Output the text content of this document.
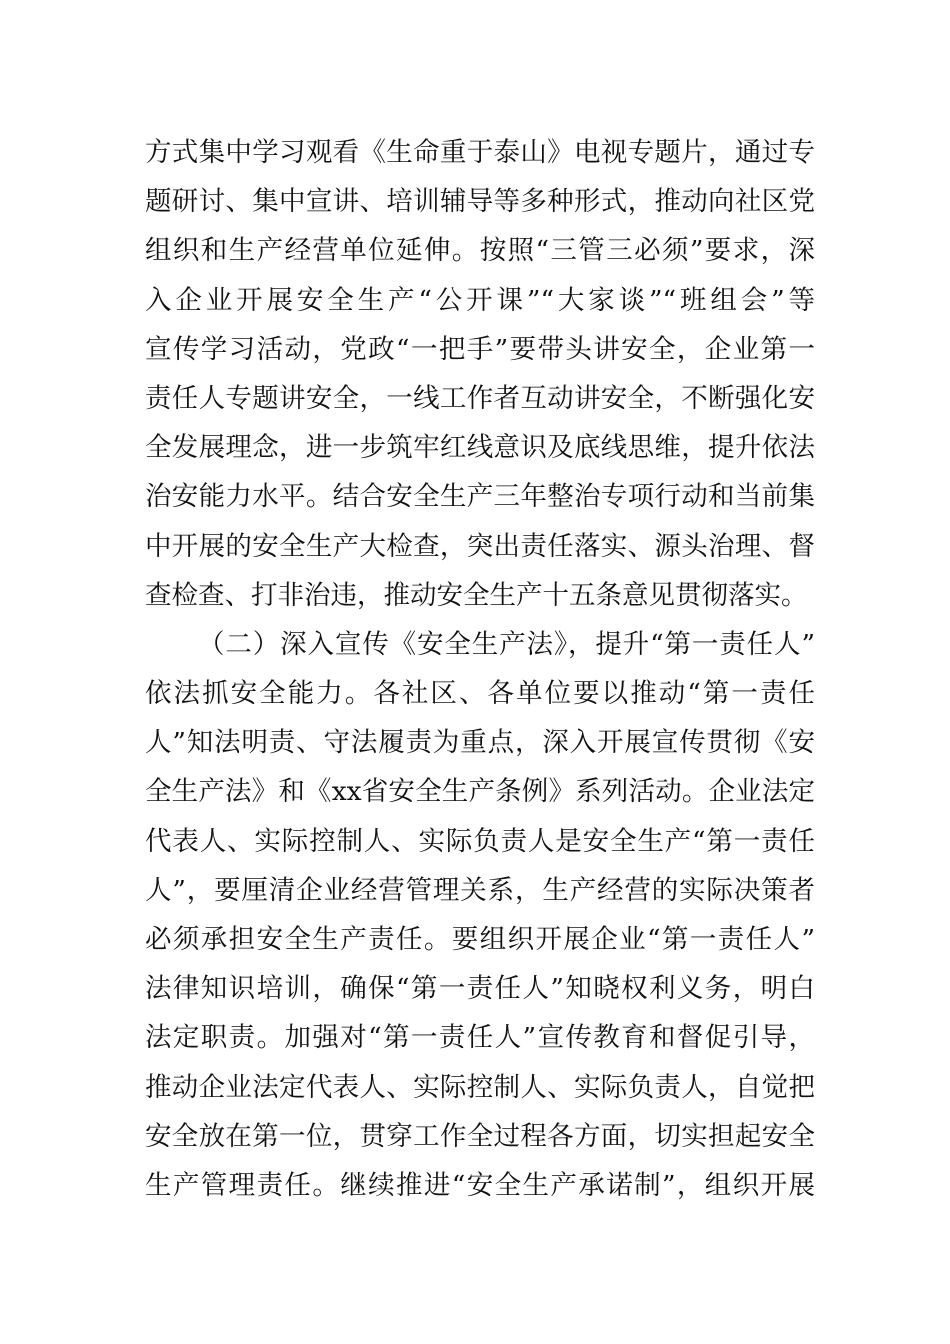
方式集中学习观看《生命重于泰山》电视专题片，通过专
题研讨、集中宣讲、培训辅导等多种形式，推动向社区党
组织和生产经营单位延伸。按照“三管三必须”要求，深
入企业开展安全生产“公开课”“大家谈”“班组会”等
宣传学习活动，党政“一把手”要带头讲安全，企业第一
责任人专题讲安全，一线工作者互动讲安全，不断强化安
全发展理念，进一步筑牢红线意识及底线思维，提升依法
治安能力水平。结合安全生产三年整治专项行动和当前集
中开展的安全生产大检查，突出责任落实、源头治理、督
查检查、打非治违，推动安全生产十五条意见贯彻落实。
（二）深入宣传《安全生产法》，提升“第一责任人”
依法抓安全能力。各社区、各单位要以推动“第一责任
人”知法明责、守法履责为重点，深入开展宣传贯彻《安
全生产法》和《xx省安全生产条例》系列活动。企业法定
代表人、实际控制人、实际负责人是安全生产“第一责任
人”，要厘清企业经营管理关系，生产经营的实际决策者
必须承担安全生产责任。要组织开展企业“第一责任人”
法律知识培训，确保“第一责任人”知晓权利义务，明白
法定职责。加强对“第一责任人”宣传教育和督促引导，
推动企业法定代表人、实际控制人、实际负责人，自觉把
安全放在第一位，贯穿工作全过程各方面，切实担起安全
生产管理责任。继续推进“安全生产承诺制”，组织开展
